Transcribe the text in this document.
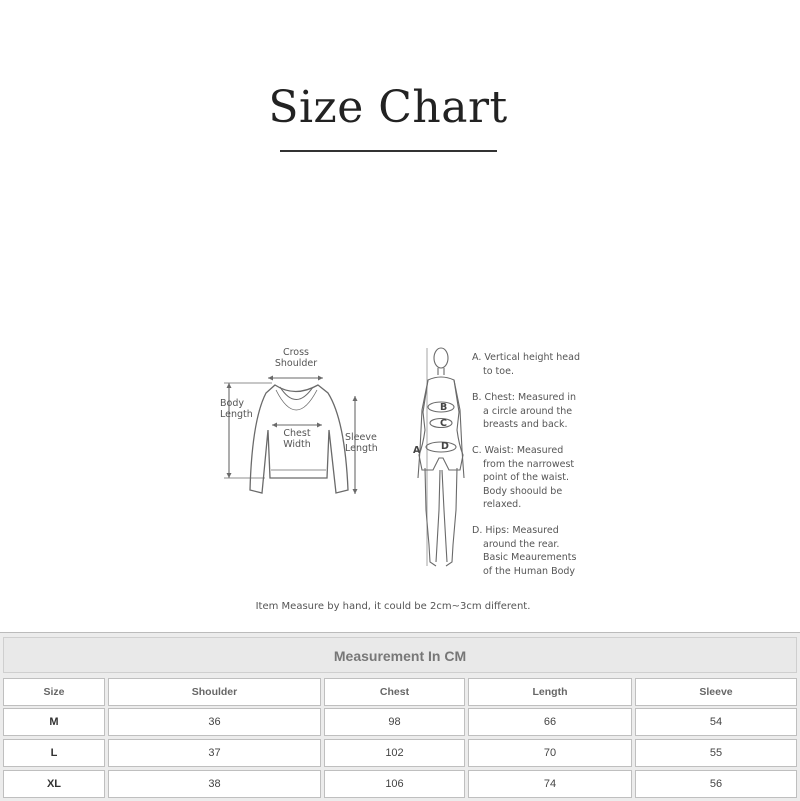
Size Chart
Cross
Shoulder
Body
Length
Chest
Width
Sleeve
Length	A
B
C
D
A. Vertical height head to toe.
B. Chest: Measured in a circle around the breasts and back.
C. Waist: Measured from the narrowest point of the waist. Body shoould be relaxed.
D. Hips: Measured around the rear. Basic Meaurements of the Human Body
Item Measure by hand, it could be 2cm~3cm different.
Measurement In CM
Size	Shoulder	Chest	Length	Sleeve
M	36	98	66	54
L	37	102	70	55
XL	38	106	74	56
